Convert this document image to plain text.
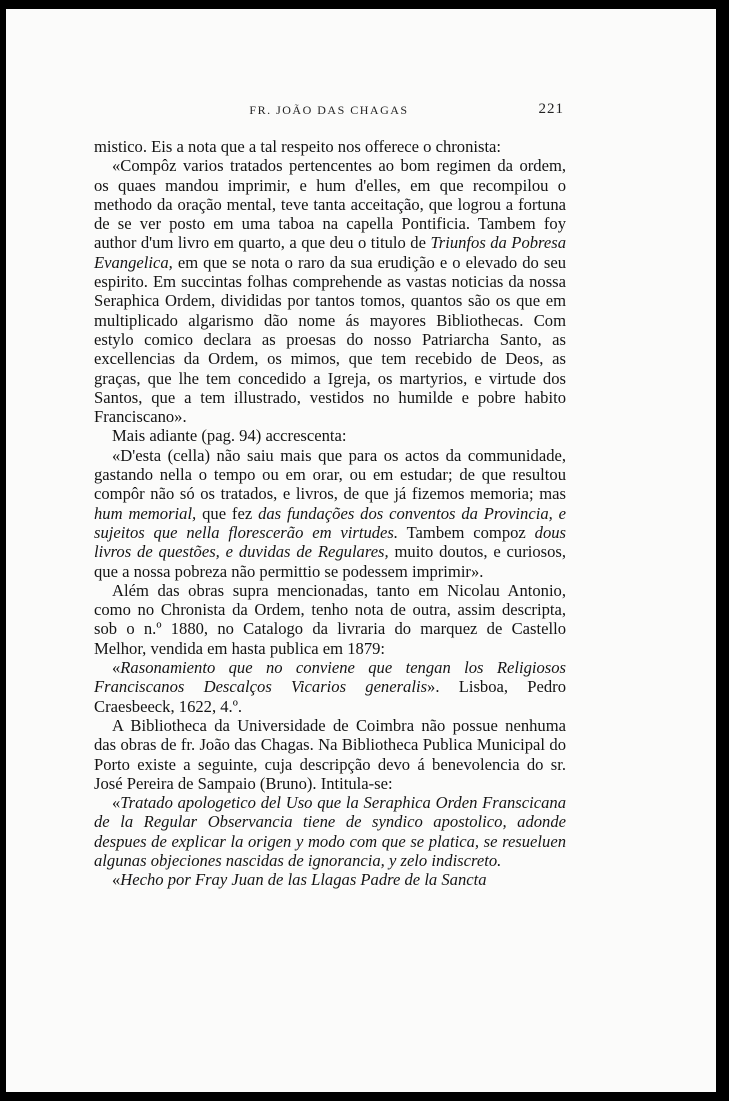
FR. JOÃO DAS CHAGAS	221

mistico. Eis a nota que a tal respeito nos offerece o chronista:

«Compôz varios tratados pertencentes ao bom regimen da ordem, os quaes mandou imprimir, e hum d'elles, em que recompilou o methodo da oração mental, teve tanta acceitação, que logrou a fortuna de se ver posto em uma taboa na capella Pontificia. Tambem foy author d'um livro em quarto, a que deu o titulo de Triunfos da Pobresa Evangelica, em que se nota o raro da sua erudição e o elevado do seu espirito. Em succintas folhas comprehende as vastas noticias da nossa Seraphica Ordem, divididas por tantos tomos, quantos são os que em multiplicado algarismo dão nome ás mayores Bibliothecas. Com estylo comico declara as proesas do nosso Patriarcha Santo, as excellencias da Ordem, os mimos, que tem recebido de Deos, as graças, que lhe tem concedido a Igreja, os martyrios, e virtude dos Santos, que a tem illustrado, vestidos no humilde e pobre habito Franciscano».

Mais adiante (pag. 94) accrescenta:

«D'esta (cella) não saiu mais que para os actos da communidade, gastando nella o tempo ou em orar, ou em estudar; de que resultou compôr não só os tratados, e livros, de que já fizemos memoria; mas hum memorial, que fez das fundações dos conventos da Provincia, e sujeitos que nella florescerão em virtudes. Tambem compoz dous livros de questões, e duvidas de Regulares, muito doutos, e curiosos, que a nossa pobreza não permittio se podessem imprimir».

Além das obras supra mencionadas, tanto em Nicolau Antonio, como no Chronista da Ordem, tenho nota de outra, assim descripta, sob o n.º 1880, no Catalogo da livraria do marquez de Castello Melhor, vendida em hasta publica em 1879:

«Rasonamiento que no conviene que tengan los Religiosos Franciscanos Descalços Vicarios generalis». Lisboa, Pedro Craesbeeck, 1622, 4.º.

A Bibliotheca da Universidade de Coimbra não possue nenhuma das obras de fr. João das Chagas. Na Bibliotheca Publica Municipal do Porto existe a seguinte, cuja descripção devo á benevolencia do sr. José Pereira de Sampaio (Bruno). Intitula-se:

«Tratado apologetico del Uso que la Seraphica Orden Franscicana de la Regular Observancia tiene de syndico apostolico, adonde despues de explicar la origen y modo com que se platica, se resueluen algunas objeciones nascidas de ignorancia, y zelo indiscreto.

«Hecho por Fray Juan de las Llagas Padre de la Sancta
